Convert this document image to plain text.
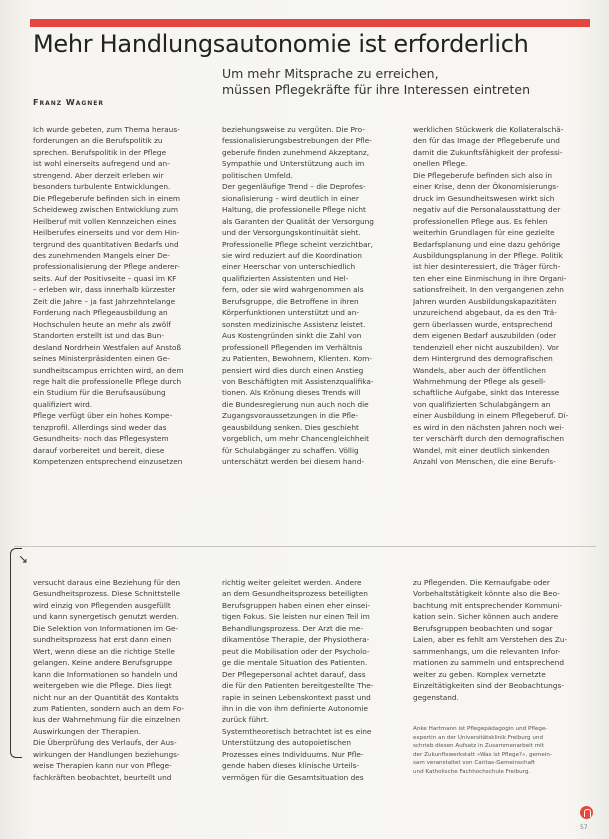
Mehr Handlungsautonomie ist erforderlich
Um mehr Mitsprache zu erreichen,
müssen Pflegekräfte für ihre Interessen eintreten
Franz Wagner
Ich wurde gebeten, zum Thema heraus-
forderungen an die Berufspolitik zu
sprechen. Berufspolitik in der Pflege
ist wohl einerseits aufregend und an-
strengend. Aber derzeit erleben wir
besonders turbulente Entwicklungen.
Die Pflegeberufe befinden sich in einem
Scheideweg zwischen Entwicklung zum
Heilberuf mit vollen Kennzeichen eines
Heilberufes einerseits und vor dem Hin-
tergrund des quantitativen Bedarfs und
des zunehmenden Mangels einer De-
professionalisierung der Pflege anderer-
seits. Auf der Positivseite – quasi im KF
– erleben wir, dass innerhalb kürzester
Zeit die Jahre – ja fast Jahrzehntelange
Forderung nach Pflegeausbildung an
Hochschulen heute an mehr als zwölf
Standorten erstellt ist und das Bun-
desland Nordrhein Westfalen auf Anstoß
seines Ministerpräsidenten einen Ge-
sundheitscampus errichten wird, an dem
rege halt die professionelle Pflege durch
ein Studium für die Berufsausübung
qualifiziert wird.
Pflege verfügt über ein hohes Kompe-
tenzprofil. Allerdings sind weder das
Gesundheits- noch das Pflegesystem
darauf vorbereitet und bereit, diese
Kompetenzen entsprechend einzusetzen
beziehungsweise zu vergüten. Die Pro-
fessionalisierungsbestrebungen der Pfle-
geberufe finden zunehmend Akzeptanz,
Sympathie und Unterstützung auch im
politischen Umfeld.
Der gegenläufige Trend – die Deprofes-
sionalisierung – wird deutlich in einer
Haltung, die professionelle Pflege nicht
als Garanten der Qualität der Versorgung
und der Versorgungskontinuität sieht.
Professionelle Pflege scheint verzichtbar,
sie wird reduziert auf die Koordination
einer Heerschar von unterschiedlich
qualifizierten Assistenten und Hel-
fern, oder sie wird wahrgenommen als
Berufsgruppe, die Betroffene in ihren
Körperfunktionen unterstützt und an-
sonsten medizinische Assistenz leistet.
Aus Kostengründen sinkt die Zahl von
professionell Pflegenden im Verhältnis
zu Patienten, Bewohnern, Klienten. Kom-
pensiert wird dies durch einen Anstieg
von Beschäftigten mit Assistenzqualifika-
tionen. Als Krönung dieses Trends will
die Bundesregierung nun auch noch die
Zugangsvoraussetzungen in die Pfle-
geausbildung senken. Dies geschieht
vorgeblich, um mehr Chancengleichheit
für Schulabgänger zu schaffen. Völlig
unterschätzt werden bei diesem hand-
werklichen Stückwerk die Kollateralschä-
den für das Image der Pflegeberufe und
damit die Zukunftsfähigkeit der professi-
onellen Pflege.
Die Pflegeberufe befinden sich also in
einer Krise, denn der Ökonomisierungs-
druck im Gesundheitswesen wirkt sich
negativ auf die Personalausstattung der
professionellen Pflege aus. Es fehlen
weiterhin Grundlagen für eine gezielte
Bedarfsplanung und eine dazu gehörige
Ausbildungsplanung in der Pflege. Politik
ist hier desinteressiert, die Träger fürch-
ten eher eine Einmischung in ihre Organi-
sationsfreiheit. In den vergangenen zehn
Jahren wurden Ausbildungskapazitäten
unzureichend abgebaut, da es den Trä-
gern überlassen wurde, entsprechend
dem eigenen Bedarf auszubilden (oder
tendenziell eher nicht auszubilden). Vor
dem Hintergrund des demografischen
Wandels, aber auch der öffentlichen
Wahrnehmung der Pflege als gesell-
schaftliche Aufgabe, sinkt das Interesse
von qualifizierten Schulabgängern an
einer Ausbildung in einem Pflegeberuf. Di-
es wird in den nächsten Jahren noch wei-
ter verschärft durch den demografischen
Wandel, mit einer deutlich sinkenden
Anzahl von Menschen, die eine Berufs-
↘
versucht daraus eine Beziehung für den
Gesundheitsprozess. Diese Schnittstelle
wird einzig von Pflegenden ausgefüllt
und kann synergetisch genutzt werden.
Die Selektion von Informationen im Ge-
sundheitsprozess hat erst dann einen
Wert, wenn diese an die richtige Stelle
gelangen. Keine andere Berufsgruppe
kann die Informationen so handeln und
weitergeben wie die Pflege. Dies liegt
nicht nur an der Quantität des Kontakts
zum Patienten, sondern auch an dem Fo-
kus der Wahrnehmung für die einzelnen
Auswirkungen der Therapien.
Die Überprüfung des Verlaufs, der Aus-
wirkungen der Handlungen beziehungs-
weise Therapien kann nur von Pflege-
fachkräften beobachtet, beurteilt und
richtig weiter geleitet werden. Andere
an dem Gesundheitsprozess beteiligten
Berufsgruppen haben einen eher einsei-
tigen Fokus. Sie leisten nur einen Teil im
Behandlungsprozess. Der Arzt die me-
dikamentöse Therapie, der Physiothera-
peut die Mobilisation oder der Psycholo-
ge die mentale Situation des Patienten.
Der Pflegepersonal achtet darauf, dass
die für den Patienten bereitgestellte The-
rapie in seinen Lebenskontext passt und
ihn in die von ihm definierte Autonomie
zurück führt.
Systemtheoretisch betrachtet ist es eine
Unterstützung des autopoietischen
Prozesses eines Individuums. Nur Pfle-
gende haben dieses klinische Urteils-
vermögen für die Gesamtsituation des
zu Pflegenden. Die Kernaufgabe oder
Vorbehaltstätigkeit könnte also die Beo-
bachtung mit entsprechender Kommuni-
kation sein. Sicher können auch andere
Berufsgruppen beobachten und sogar
Laien, aber es fehlt am Verstehen des Zu-
sammenhangs, um die relevanten Infor-
mationen zu sammeln und entsprechend
weiter zu geben. Komplex vernetzte
Einzeltätigkeiten sind der Beobachtungs-
gegenstand.
Anke Hartmann ist Pflegepädagogin und Pflege-
expertin an der Universitätsklinik Freiburg und
schrieb diesen Aufsatz in Zusammenarbeit mit
der Zukunftswerkstatt »Was ist Pflege?«, gemein-
sam veranstaltet von Caritas-Gemeinschaft
und Katholische Fachhochschule Freiburg.
57
